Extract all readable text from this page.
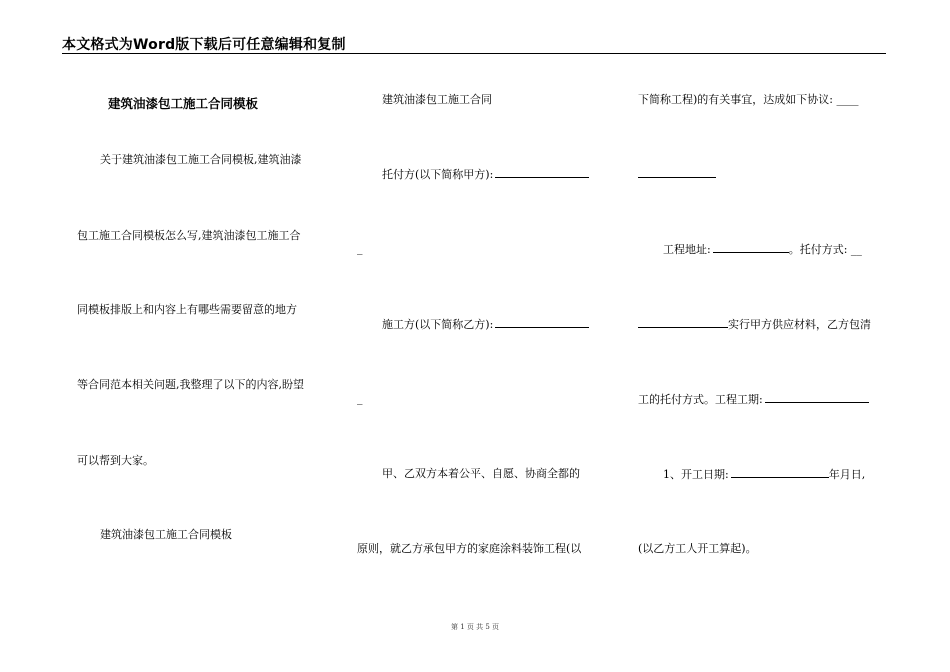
本文格式为Word版下载后可任意编辑和复制
建筑油漆包工施工合同模板
关于建筑油漆包工施工合同模板,建筑油漆
包工施工合同模板怎么写,建筑油漆包工施工合
同模板排版上和内容上有哪些需要留意的地方
等合同范本相关问题,我整理了以下的内容,盼望
可以帮到大家。
建筑油漆包工施工合同模板
建筑油漆包工施工合同
托付方(以下简称甲方):
_
施工方(以下简称乙方):
_
甲、乙双方本着公平、自愿、协商全都的
原则，就乙方承包甲方的家庭涂料装饰工程(以
下简称工程)的有关事宜，达成如下协议: ____
工程地址:	。托付方式: __
实行甲方供应材料，乙方包清
工的托付方式。工程工期:
1、开工日期:	年月日,
(以乙方工人开工算起)。
第 1 页 共 5 页
